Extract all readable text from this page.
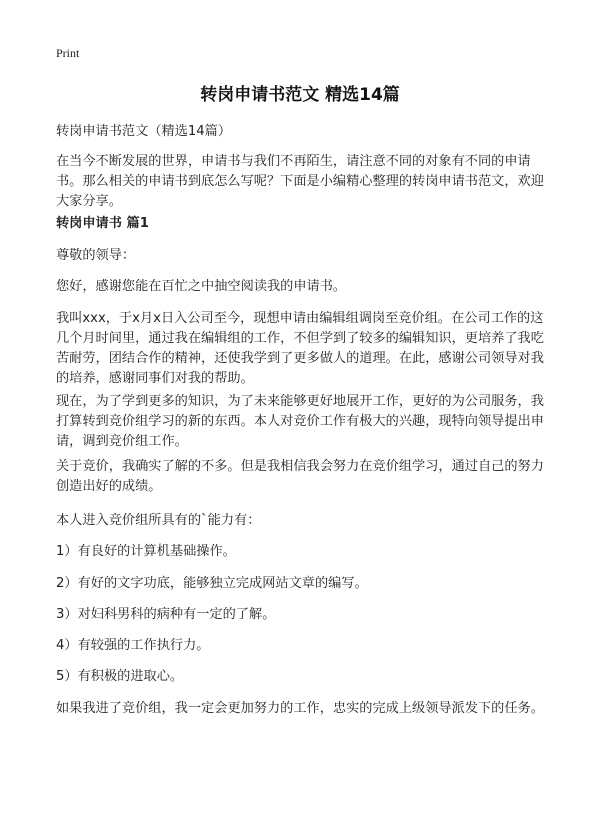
Print
转岗申请书范文 精选14篇
转岗申请书范文（精选14篇）
在当今不断发展的世界，申请书与我们不再陌生，请注意不同的对象有不同的申请书。那么相关的申请书到底怎么写呢？下面是小编精心整理的转岗申请书范文，欢迎大家分享。
转岗申请书 篇1
尊敬的领导：
您好，感谢您能在百忙之中抽空阅读我的申请书。
我叫xxx，于x月x日入公司至今，现想申请由编辑组调岗至竞价组。在公司工作的这几个月时间里，通过我在编辑组的工作，不但学到了较多的编辑知识，更培养了我吃苦耐劳，团结合作的精神，还使我学到了更多做人的道理。在此，感谢公司领导对我的培养，感谢同事们对我的帮助。
现在，为了学到更多的知识，为了未来能够更好地展开工作，更好的为公司服务，我打算转到竞价组学习的新的东西。本人对竞价工作有极大的兴趣，现特向领导提出申请，调到竞价组工作。
关于竞价，我确实了解的不多。但是我相信我会努力在竞价组学习，通过自己的努力创造出好的成绩。
本人进入竞价组所具有的`能力有：
1）有良好的计算机基础操作。
2）有好的文字功底，能够独立完成网站文章的编写。
3）对妇科男科的病种有一定的了解。
4）有较强的工作执行力。
5）有积极的进取心。
如果我进了竞价组，我一定会更加努力的工作，忠实的完成上级领导派发下的任务。
